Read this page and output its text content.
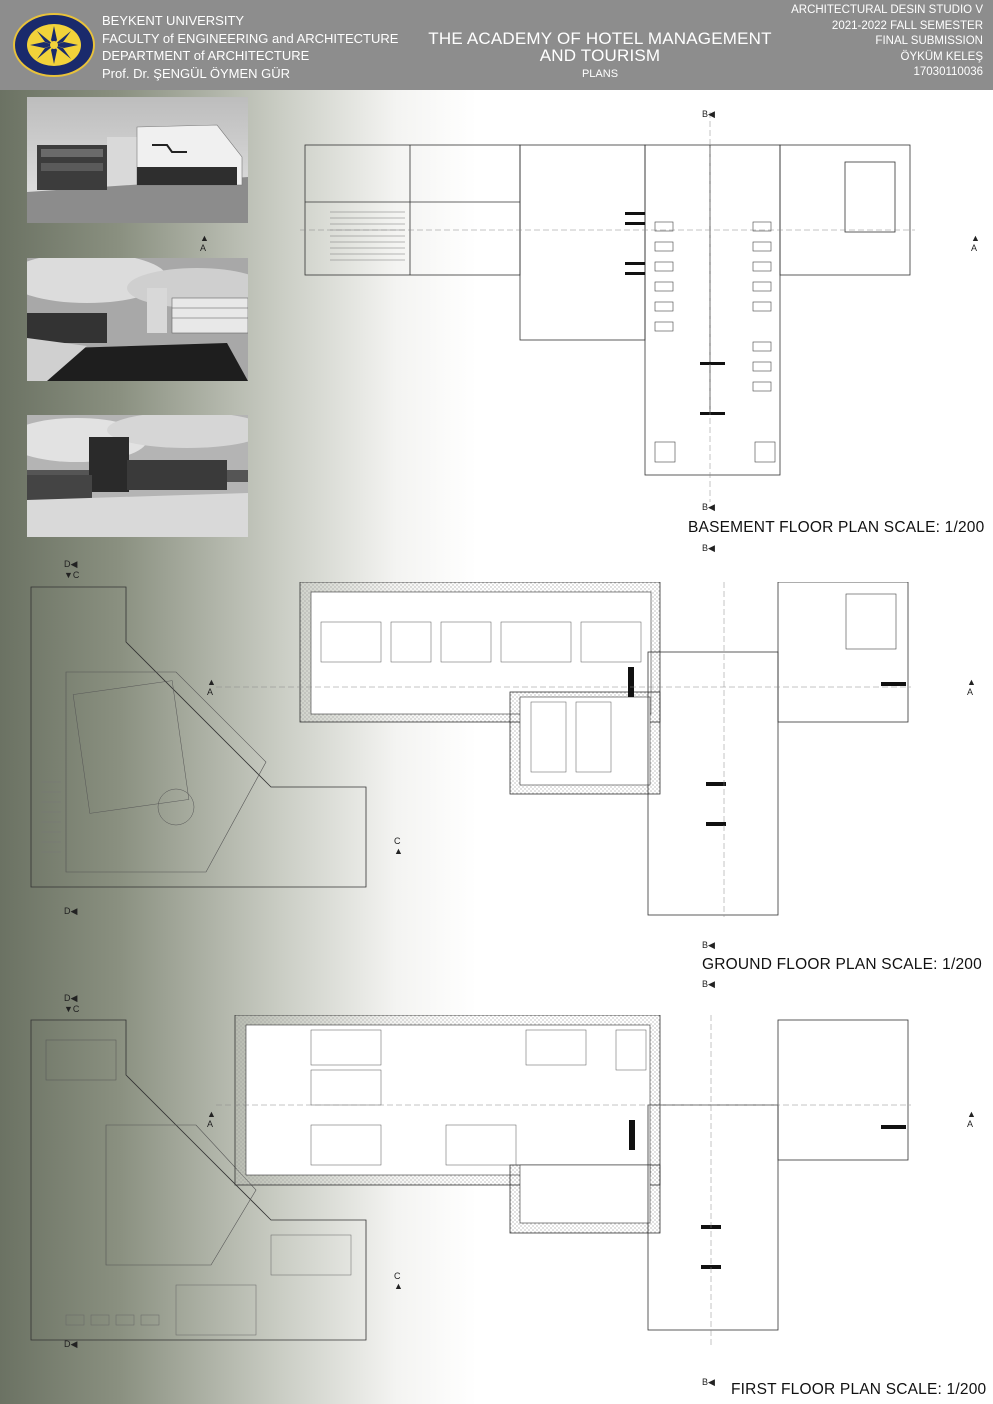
BEYKENT UNIVERSITY
FACULTY of ENGINEERING and ARCHITECTURE
DEPARTMENT of ARCHITECTURE
Prof. Dr. ŞENGÜL ÖYMEN GÜR
THE ACADEMY OF HOTEL MANAGEMENT
AND TOURISM
PLANS
ARCHITECTURAL DESIN STUDIO V
2021-2022 FALL SEMESTER
FINAL SUBMISSION
ÖYKÜM KELEŞ
17030110036
B◀
▲
A
▲
A
B◀
B◀
D◀
▼C
▲
A
▲
A
C
▲
D◀
B◀
B◀
D◀
▼C
▲
A
▲
A
C
▲
D◀
B◀
BASEMENT FLOOR PLAN SCALE: 1/200
GROUND FLOOR PLAN SCALE: 1/200
FIRST FLOOR PLAN SCALE: 1/200
